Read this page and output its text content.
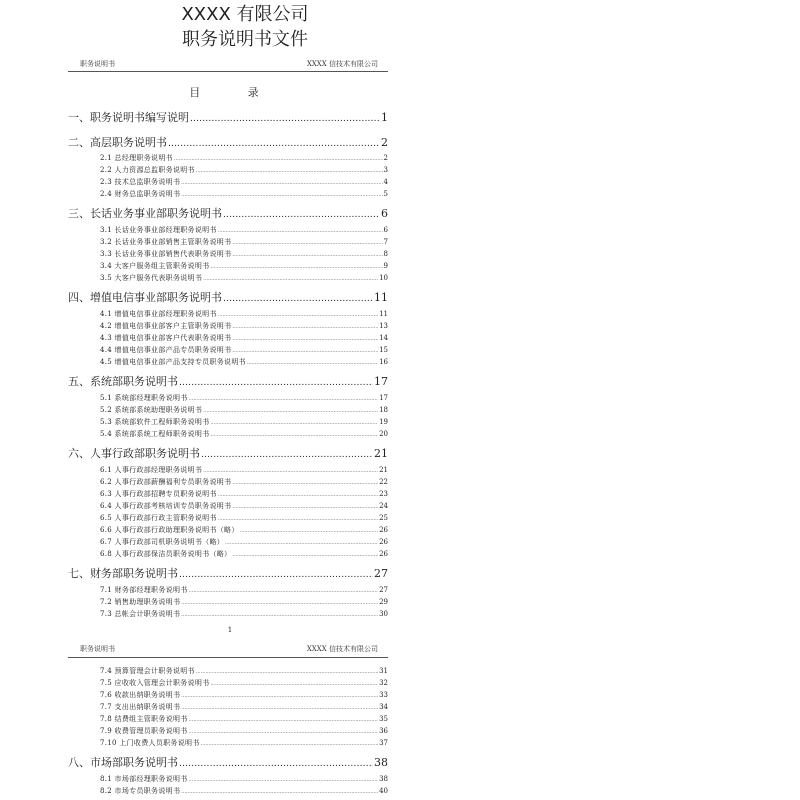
XXXX 有限公司
职务说明书文件
职务说明书	XXXX 信技术有限公司
目 录
一、职务说明书编写说明 .....	1
二、高层职务说明书 .....	2
2.1 总经理职务说明书 .....	2
2.2 人力资源总监职务说明书 .....	3
2.3 技术总监职务说明书 .....	4
2.4 财务总监职务说明书 .....	5
三、长话业务事业部职务说明书 .....	6
3.1 长话业务事业部经理职务说明书 .....	6
3.2 长话业务事业部销售主管职务说明书 .....	7
3.3 长话业务事业部销售代表职务说明书 .....	8
3.4 大客户服务组主管职务说明书 .....	9
3.5 大客户服务代表职务说明书 .....	10
四、增值电信事业部职务说明书 .....	11
4.1 增值电信事业部经理职务说明书 .....	11
4.2 增值电信事业部客户主管职务说明书 .....	13
4.3 增值电信事业部客户代表职务说明书 .....	14
4.4 增值电信事业部产品专员职务说明书 .....	15
4.5 增值电信事业部产品支持专员职务说明书 .....	16
五、系统部职务说明书 .....	17
5.1 系统部经理职务说明书 .....	17
5.2 系统部系统助理职务说明书 .....	18
5.3 系统部软件工程师职务说明书 .....	19
5.4 系统部系统工程师职务说明书 .....	20
六、人事行政部职务说明书 .....	21
6.1 人事行政部经理职务说明书 .....	21
6.2 人事行政部薪酬福利专员职务说明书 .....	22
6.3 人事行政部招聘专员职务说明书 .....	23
6.4 人事行政部考核培训专员职务说明书 .....	24
6.5 人事行政部行政主管职务说明书 .....	25
6.6 人事行政部行政助理职务说明书（略） .....	26
6.7 人事行政部司机职务说明书（略） .....	26
6.8 人事行政部保洁员职务说明书（略） .....	26
七、财务部职务说明书 .....	27
7.1 财务部经理职务说明书 .....	27
7.2 销售助理职务说明书 .....	29
7.3 总帐会计职务说明书 .....	30
1
职务说明书	XXXX 信技术有限公司
7.4 预算管理会计职务说明书 .....	31
7.5 应收收入管理会计职务说明书 .....	32
7.6 收款出纳职务说明书 .....	33
7.7 支出出纳职务说明书 .....	34
7.8 结费组主管职务说明书 .....	35
7.9 收费管理员职务说明书 .....	36
7.10 上门收费人员职务说明书 .....	37
八、市场部职务说明书 .....	38
8.1 市场部经理职务说明书 .....	38
8.2 市场专员职务说明书 .....	40
